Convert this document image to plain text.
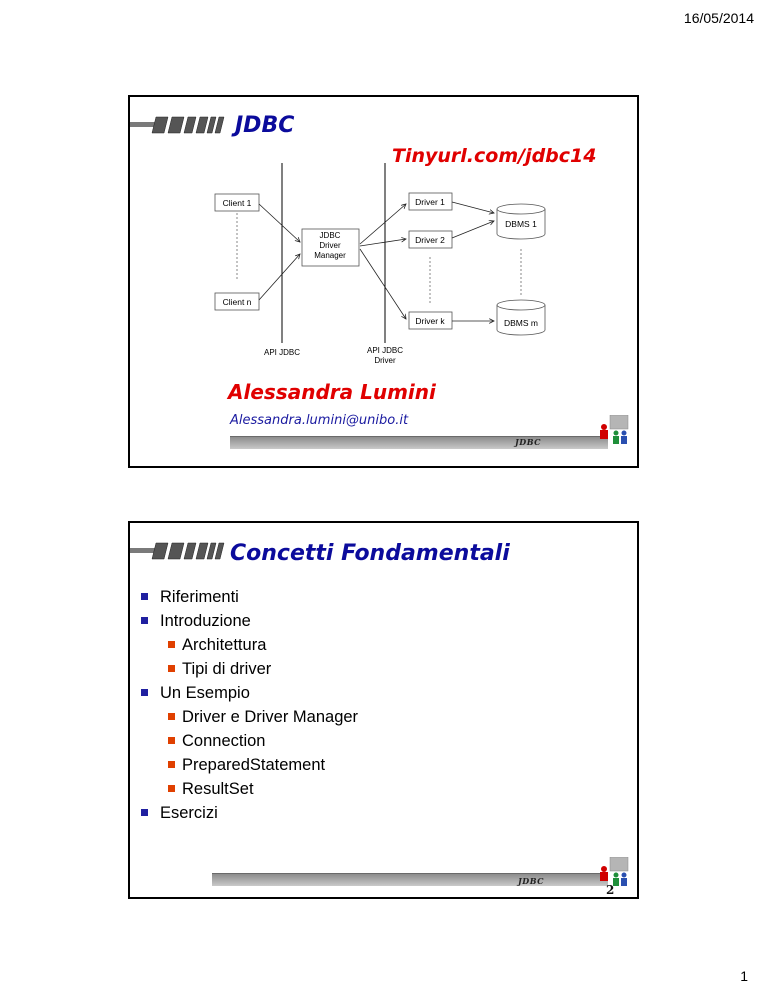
16/05/2014
JDBC
Tinyurl.com/jdbc14
Client 1
Client n
JDBC
Driver
Manager
Driver 1
Driver 2
Driver k
DBMS 1
DBMS m
API JDBC	API JDBC
Driver
Alessandra Lumini
Alessandra.lumini@unibo.it
JDBC
Concetti Fondamentali
Riferimenti
Introduzione
Architettura
Tipi di driver
Un Esempio
Driver e Driver Manager
Connection
PreparedStatement
ResultSet
Esercizi
JDBC
2
1
